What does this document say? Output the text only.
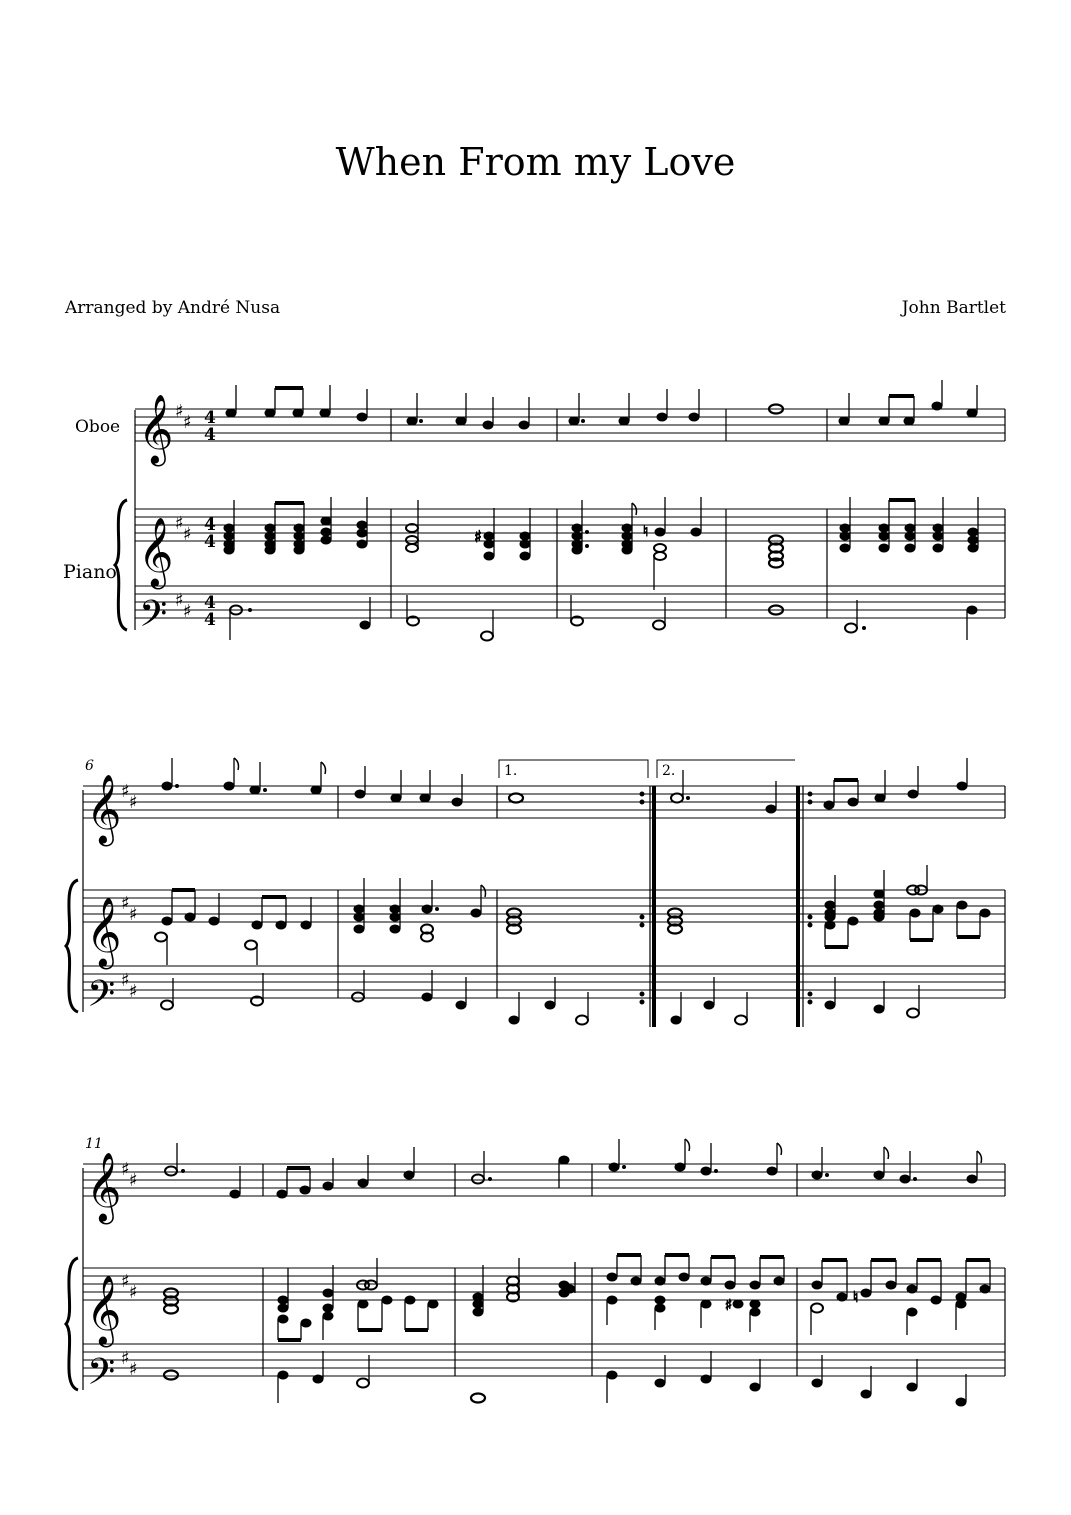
When From my Love
Arranged by André Nusa	John Bartlet
Oboe
Piano
𝄞
𝄞
𝄢
♯
♯
♯
♯
♯
♯
4
4
4
4
4
4
♯	♮
6
𝄞
𝄞
𝄢
♯
♯
♯
♯
♯
♯
1.	2.
11
𝄞
𝄞
𝄢
♯
♯
♯
♯
♯
♯
♯	♮
